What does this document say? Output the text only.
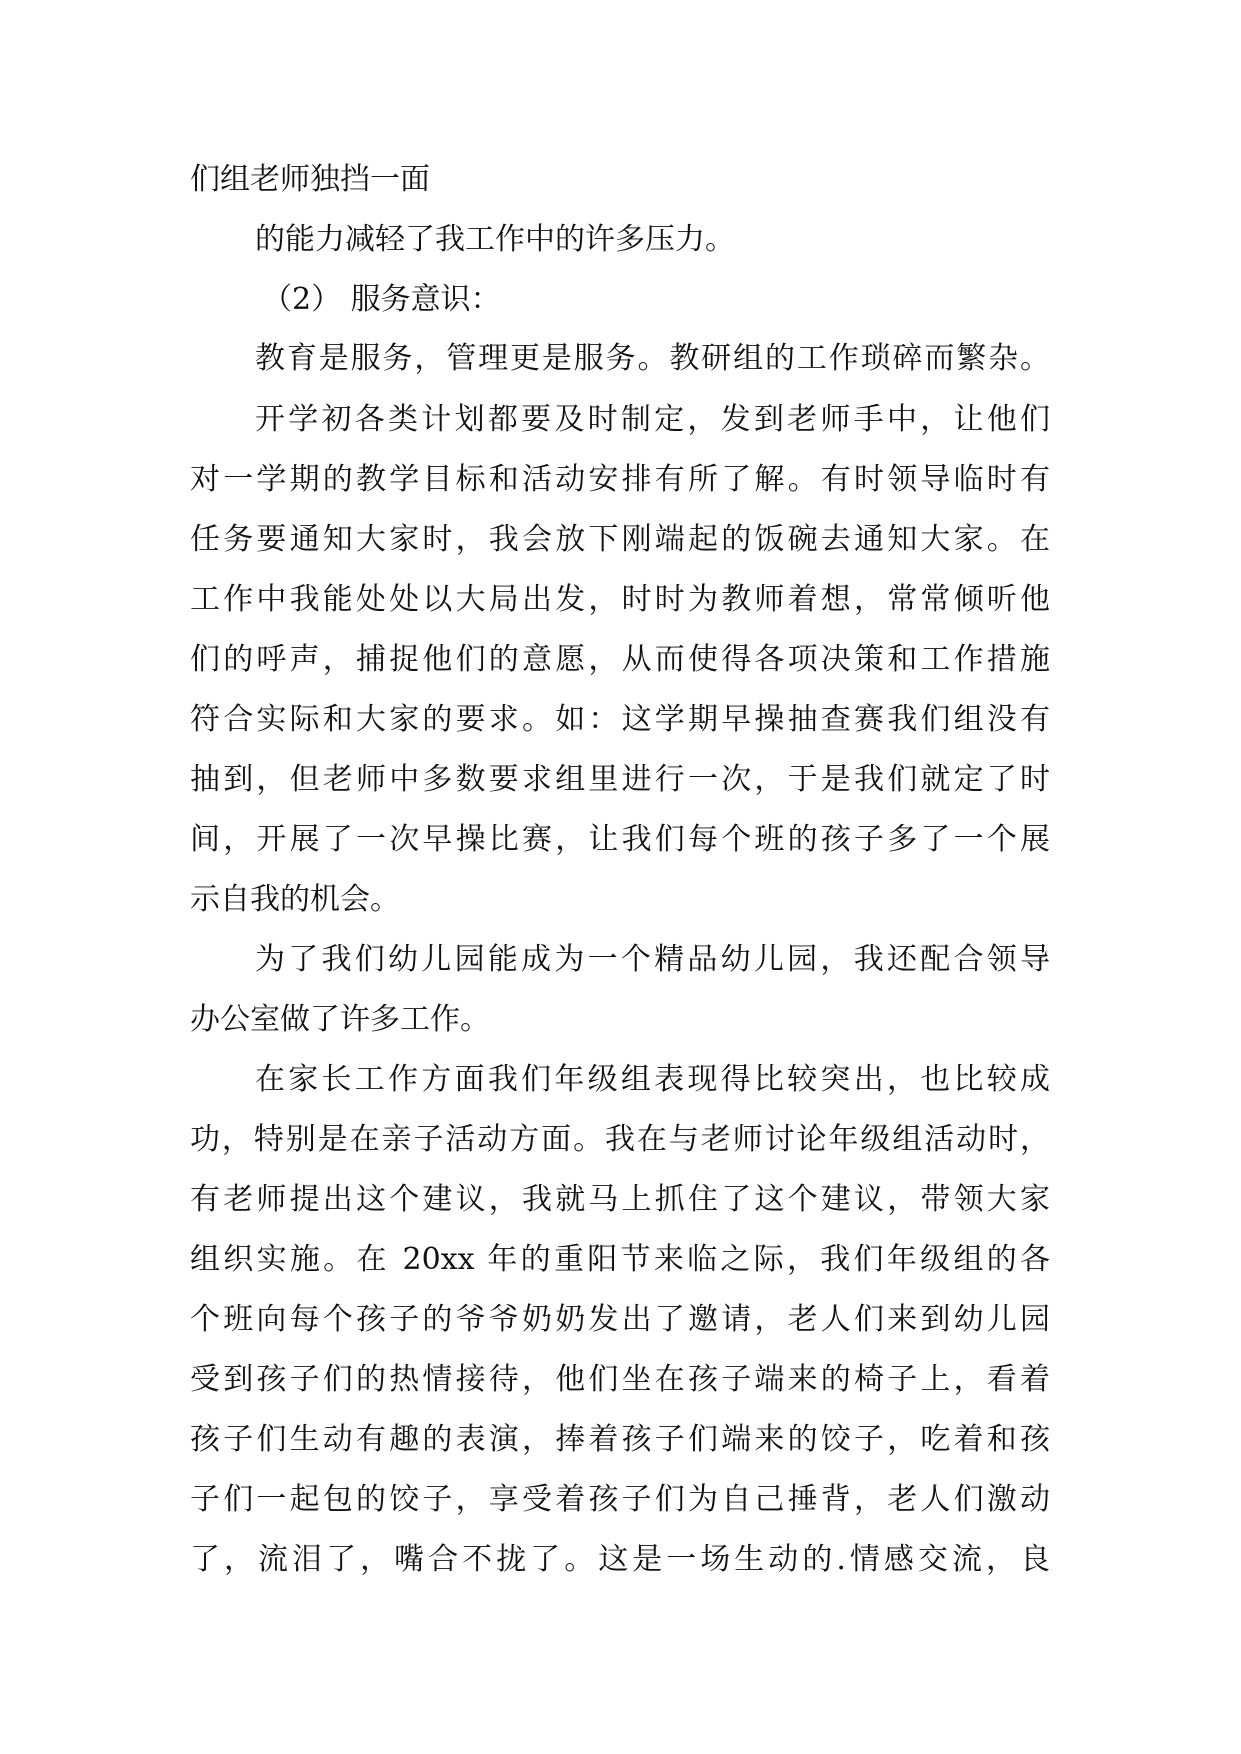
们组老师独挡一面
的能力减轻了我工作中的许多压力。
（2） 服务意识：
教育是服务，管理更是服务。教研组的工作琐碎而繁杂。
开学初各类计划都要及时制定，发到老师手中，让他们
对一学期的教学目标和活动安排有所了解。有时领导临时有
任务要通知大家时，我会放下刚端起的饭碗去通知大家。在
工作中我能处处以大局出发，时时为教师着想，常常倾听他
们的呼声，捕捉他们的意愿，从而使得各项决策和工作措施
符合实际和大家的要求。如：这学期早操抽查赛我们组没有
抽到，但老师中多数要求组里进行一次，于是我们就定了时
间，开展了一次早操比赛，让我们每个班的孩子多了一个展
示自我的机会。
为了我们幼儿园能成为一个精品幼儿园，我还配合领导
办公室做了许多工作。
在家长工作方面我们年级组表现得比较突出，也比较成
功，特别是在亲子活动方面。我在与老师讨论年级组活动时，
有老师提出这个建议，我就马上抓住了这个建议，带领大家
组织实施。在 20xx 年的重阳节来临之际，我们年级组的各
个班向每个孩子的爷爷奶奶发出了邀请，老人们来到幼儿园
受到孩子们的热情接待，他们坐在孩子端来的椅子上，看着
孩子们生动有趣的表演，捧着孩子们端来的饺子，吃着和孩
子们一起包的饺子，享受着孩子们为自己捶背，老人们激动
了，流泪了，嘴合不拢了。这是一场生动的.情感交流，良
